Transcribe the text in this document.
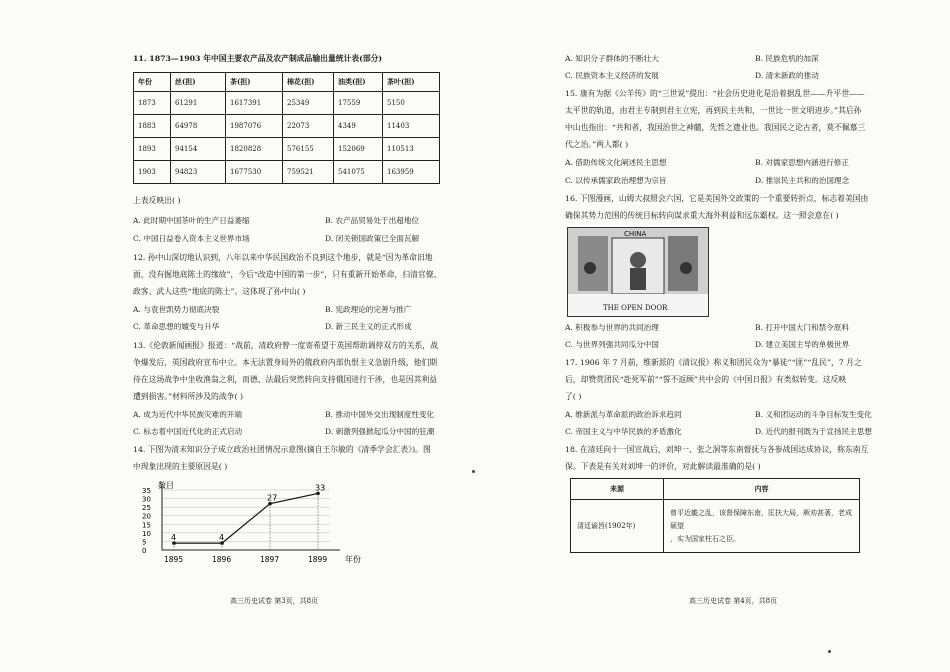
11. 1873—1903 年中国主要农产品及农产制成品输出量统计表(部分)
年份	丝(担)	茶(担)	棉花(担)	油类(担)	茶叶(担)
1873	61291	1617391	25349	17559	5150
1883	64978	1987076	22073	4349	11403
1893	94154	1820828	576155	152069	110513
1903	94823	1677530	759521	541075	163959
上表反映出( )
A. 此时期中国茶叶的生产日益萎缩	B. 农产品贸易处于出超地位
C. 中国日益卷入资本主义世界市场	D. 闭关锁国政策已全面瓦解
12. 孙中山深切地认识到，八年以来中华民国政治不良到这个地步，就是“因为革命旧地
面，没有掘地底陈土的缘故”，今后“改造中国的第一步”，只有重新开始革命，扫清官僚、
政客、武人这些“地底的陈土”。这体现了孙中山( )
A. 与袁世凯势力彻底决裂	B. 宪政理论的完善与推广
C. 革命思想的嬗变与升华	D. 新三民主义的正式形成
13.《伦敦新闻画报》报道：“战前，清政府曾一度寄希望于英国帮助调停双方的关系，战
争爆发后，英国政府宣布中立。本无法置身局外的俄政府内部仇恨主义急剧升级，他们期
待在这场战争中坐收渔翁之利，而德、法最后突然转向支持俄国进行干涉，也是因其利益
遭到损害。”材料所涉及的战争( )
A. 成为近代中华民族灾难的开端	B. 推动中国外交出现制度性变化
C. 标志着中国近代化的正式启动	D. 刺激列强掀起瓜分中国的狂潮
14. 下图为清末知识分子成立政治社团情况示意图(摘自王尔敏的《清季学会汇表》)。图
中现象出现的主要原因是( )
数目
年份
0
5
10
15
20
25
30
35
1895	1896	1897	1899
4	4
27
33
高三历史试卷 第3页，共8页
A. 知识分子群体的不断壮大	B. 民族危机的加深
C. 民族资本主义经济的发展	D. 清末新政的推动
15. 康有为据《公羊传》的“三世说”提出：“社会历史进化是沿着据乱世——升平世——
太平世的轨道，由君主专制到君主立宪，再到民主共和，一世比一世文明进步。”其后孙
中山也指出：“共和者，我国治世之神髓，先哲之遗业也。我国民之论古者，莫不佩慕三
代之治。”两人都( )
A. 借助传统文化阐述民主思想	B. 对儒家思想内涵进行修正
C. 以传承儒家政治理想为宗旨	D. 推崇民主共和的治国理念
16. 下图漫画，山姆大叔照会六国，它是美国外交政策的一个重要转折点，标志着美国由
确保其势力范围的传统目标转向谋求重大海外利益和远东霸权。这一照会意在( )
A. 积极参与世界的共同治理	B. 打开中国大门和禁令原料
C. 与世界列强共同瓜分中国	D. 建立美国主导的单极世界
17. 1906 年 7 月前，维新派的《清议报》称义和团民众为“暴徒”“匪”“乱民”，7 月之
后，却赞赏团民“赴死军前”“誓不返顾”共中会的《中国日报》有类似转变。这反映
了( )
A. 维新派与革命派的政治诉求趋同	B. 义和团运动的斗争目标发生变化
C. 帝国主义与中华民族的矛盾激化	D. 近代的报刊既为于宣扬民主思想
18. 在清廷向十一国宣战后，刘坤一、张之洞等东南督抚与各参战国达成协议，称东南互
保。下表是有关对刘坤一的评价，对此解读最准确的是( )
来源	内容
清廷谕旨(1902年)	曾平近畿之乱，该督保障东南，匡扶大局，厥劝甚著，老成硕望
，实为国家柱石之臣。
高三历史试卷 第4页，共8页
CHINA
THE OPEN DOOR
